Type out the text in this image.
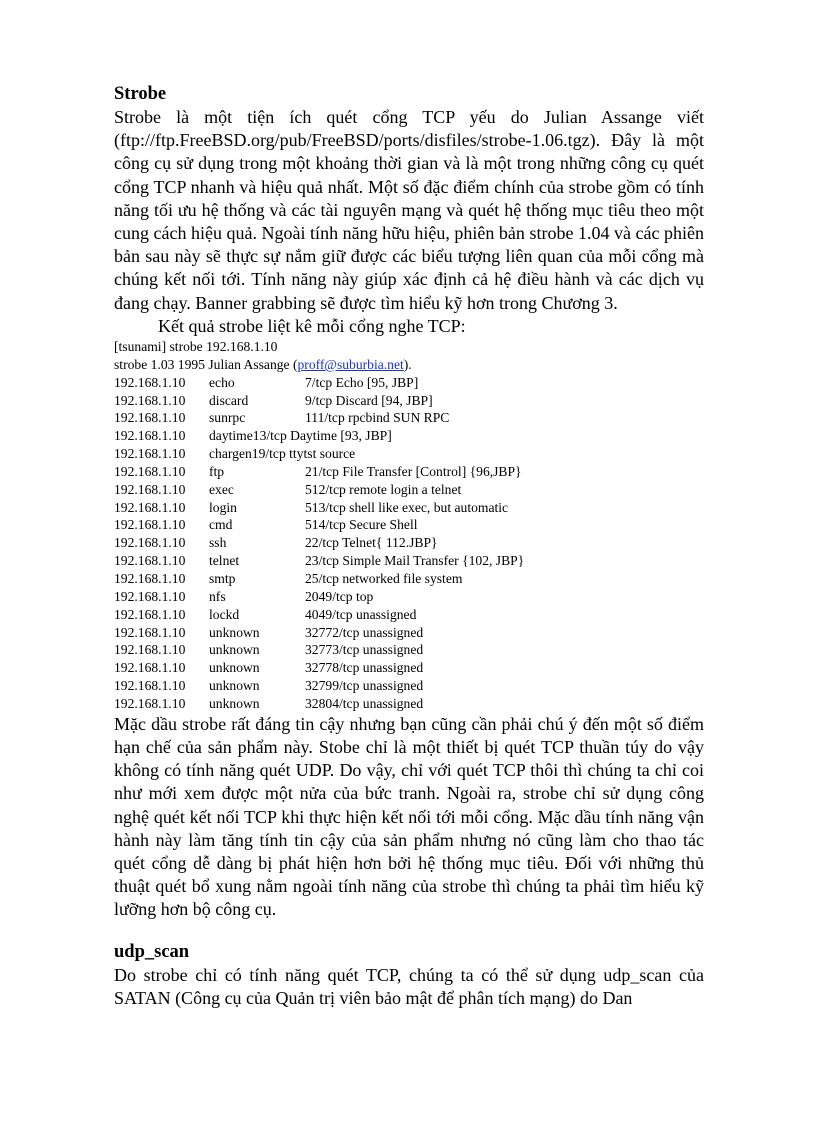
Strobe

Strobe là một tiện ích quét cổng TCP yếu do Julian Assange viết (ftp://ftp.FreeBSD.org/pub/FreeBSD/ports/disfiles/strobe-1.06.tgz). Đây là một công cụ sử dụng trong một khoảng thời gian và là một trong những công cụ quét cổng TCP nhanh và hiệu quả nhất. Một số đặc điểm chính của strobe gồm có tính năng tối ưu hệ thống và các tài nguyên mạng và quét hệ thống mục tiêu theo một cung cách hiệu quả. Ngoài tính năng hữu hiệu, phiên bản strobe 1.04 và các phiên bản sau này sẽ thực sự nắm giữ được các biểu tượng liên quan của mỗi cổng mà chúng kết nối tới. Tính năng này giúp xác định cả hệ điều hành và các dịch vụ đang chạy. Banner grabbing sẽ được tìm hiểu kỹ hơn trong Chương 3.

Kết quả strobe liệt kê mỗi cổng nghe TCP:

[tsunami] strobe 192.168.1.10
strobe 1.03 1995 Julian Assange (proff@suburbia.net).
192.168.1.10	echo	7/tcp Echo [95, JBP]
192.168.1.10	discard	9/tcp Discard [94, JBP]
192.168.1.10	sunrpc	111/tcp rpcbind SUN RPC
192.168.1.10	daytime13/tcp Daytime [93, JBP]	
192.168.1.10	chargen19/tcp ttytst source	
192.168.1.10	ftp	21/tcp File Transfer [Control] {96,JBP}
192.168.1.10	exec	512/tcp remote login a telnet
192.168.1.10	login	513/tcp shell like exec, but automatic
192.168.1.10	cmd	514/tcp Secure Shell
192.168.1.10	ssh	22/tcp Telnet{ 112.JBP}
192.168.1.10	telnet	23/tcp Simple Mail Transfer {102, JBP}
192.168.1.10	smtp	25/tcp networked file system
192.168.1.10	nfs	2049/tcp top
192.168.1.10	lockd	4049/tcp unassigned
192.168.1.10	unknown	32772/tcp unassigned
192.168.1.10	unknown	32773/tcp unassigned
192.168.1.10	unknown	32778/tcp unassigned
192.168.1.10	unknown	32799/tcp unassigned
192.168.1.10	unknown	32804/tcp unassigned

Mặc dầu strobe rất đáng tin cậy nhưng bạn cũng cần phải chú ý đến một số điểm hạn chế của sản phẩm này. Stobe chỉ là một thiết bị quét TCP thuần túy do vậy không có tính năng quét UDP. Do vậy, chỉ với quét TCP thôi thì chúng ta chỉ coi như mới xem được một nửa của bức tranh. Ngoài ra, strobe chỉ sử dụng công nghệ quét kết nối TCP khi thực hiện kết nối tới mỗi cổng. Mặc dầu tính năng vận hành này làm tăng tính tin cậy của sản phẩm nhưng nó cũng làm cho thao tác quét cổng dễ dàng bị phát hiện hơn bởi hệ thống mục tiêu. Đối với những thủ thuật quét bổ xung nằm ngoài tính năng của strobe thì chúng ta phải tìm hiểu kỹ lưỡng hơn bộ công cụ.

udp_scan

Do strobe chỉ có tính năng quét TCP, chúng ta có thể sử dụng udp_scan của SATAN (Công cụ của Quản trị viên bảo mật để phân tích mạng) do Dan
